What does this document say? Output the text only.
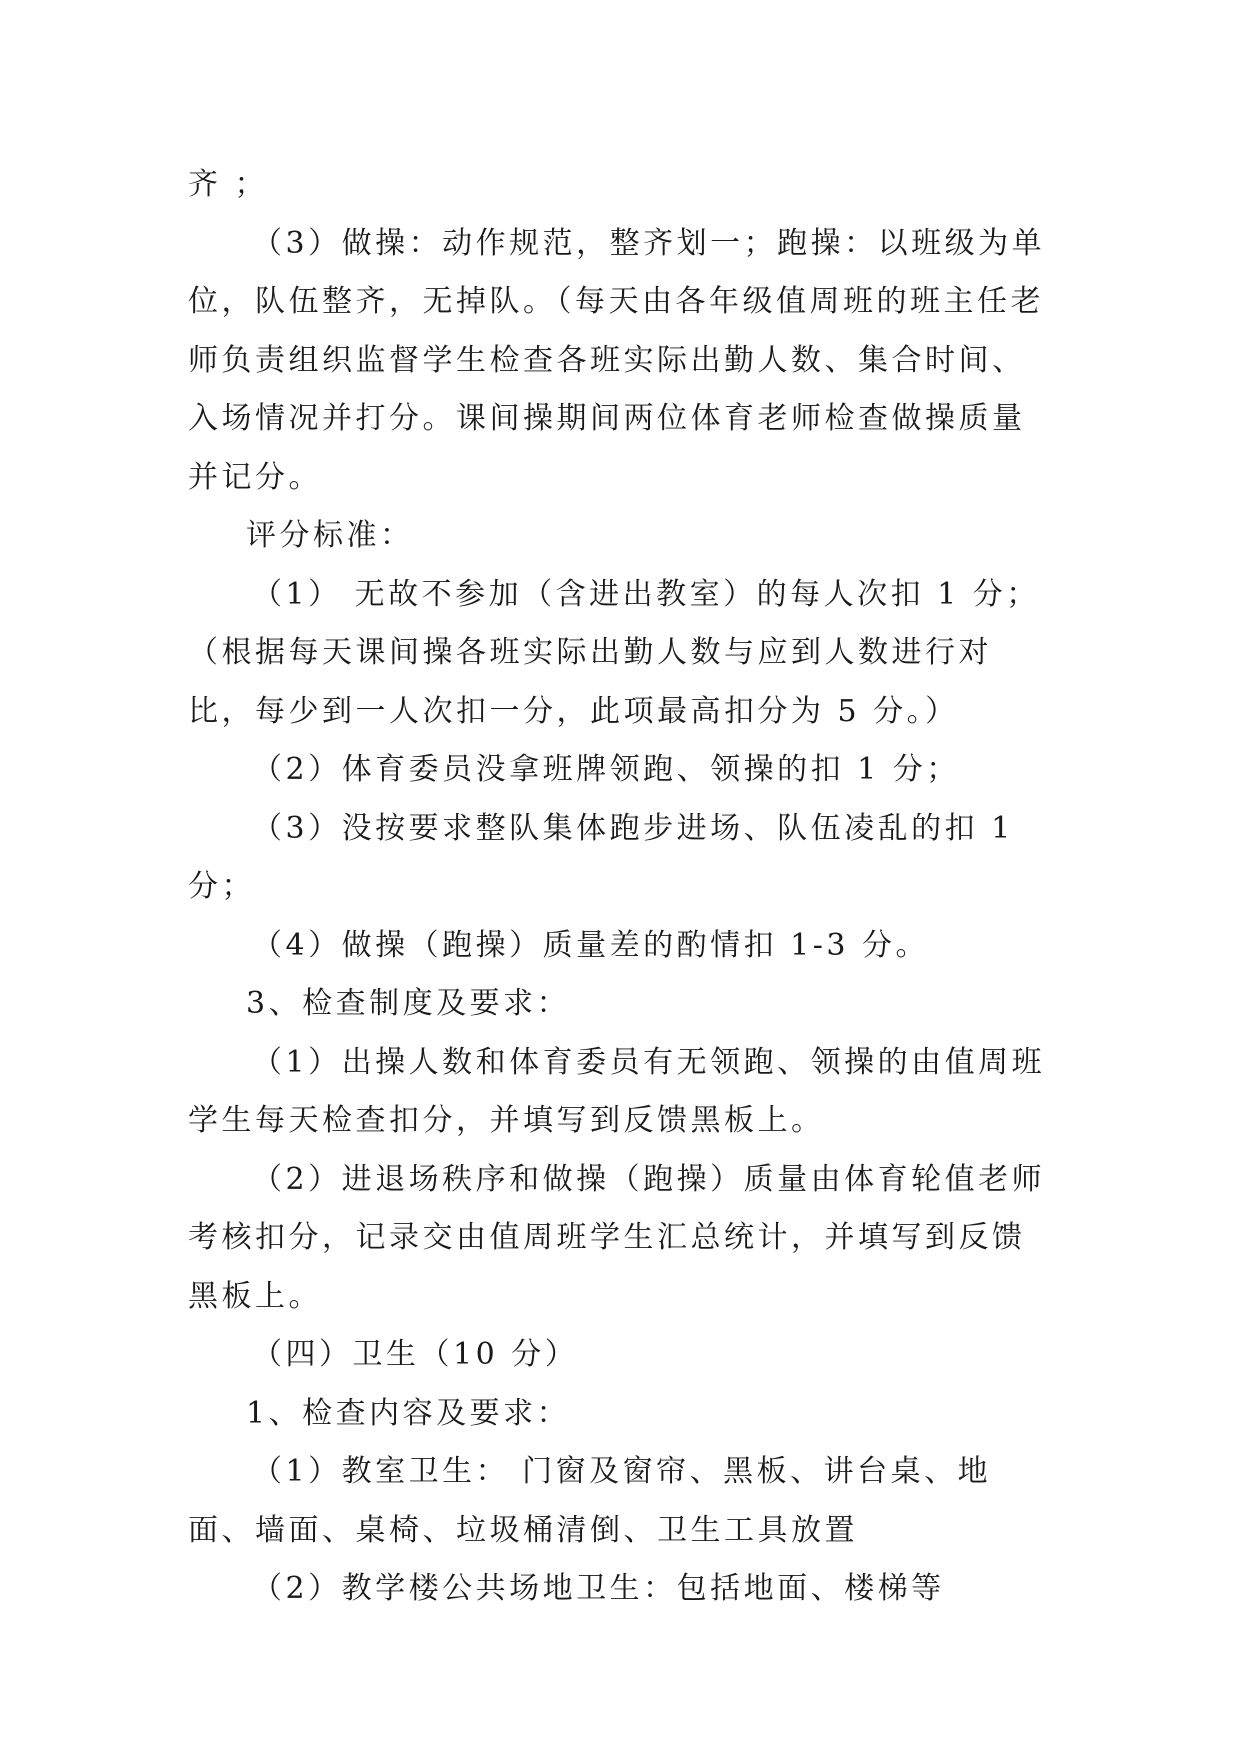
齐 ；

（3）做操：动作规范，整齐划一；跑操：以班级为单位，队伍整齐，无掉队。（每天由各年级值周班的班主任老师负责组织监督学生检查各班实际出勤人数、集合时间、入场情况并打分。课间操期间两位体育老师检查做操质量并记分。

评分标准：

（1） 无故不参加（含进出教室）的每人次扣 1 分；（根据每天课间操各班实际出勤人数与应到人数进行对比，每少到一人次扣一分，此项最高扣分为 5 分。）

（2）体育委员没拿班牌领跑、领操的扣 1 分；

（3）没按要求整队集体跑步进场、队伍凌乱的扣 1 分；

（4）做操（跑操）质量差的酌情扣 1-3 分。

3、检查制度及要求：

（1）出操人数和体育委员有无领跑、领操的由值周班学生每天检查扣分，并填写到反馈黑板上。

（2）进退场秩序和做操（跑操）质量由体育轮值老师考核扣分，记录交由值周班学生汇总统计，并填写到反馈黑板上。

（四）卫生（10 分）

1、检查内容及要求：

（1）教室卫生： 门窗及窗帘、黑板、讲台桌、地面、墙面、桌椅、垃圾桶清倒、卫生工具放置

（2）教学楼公共场地卫生：包括地面、楼梯等
